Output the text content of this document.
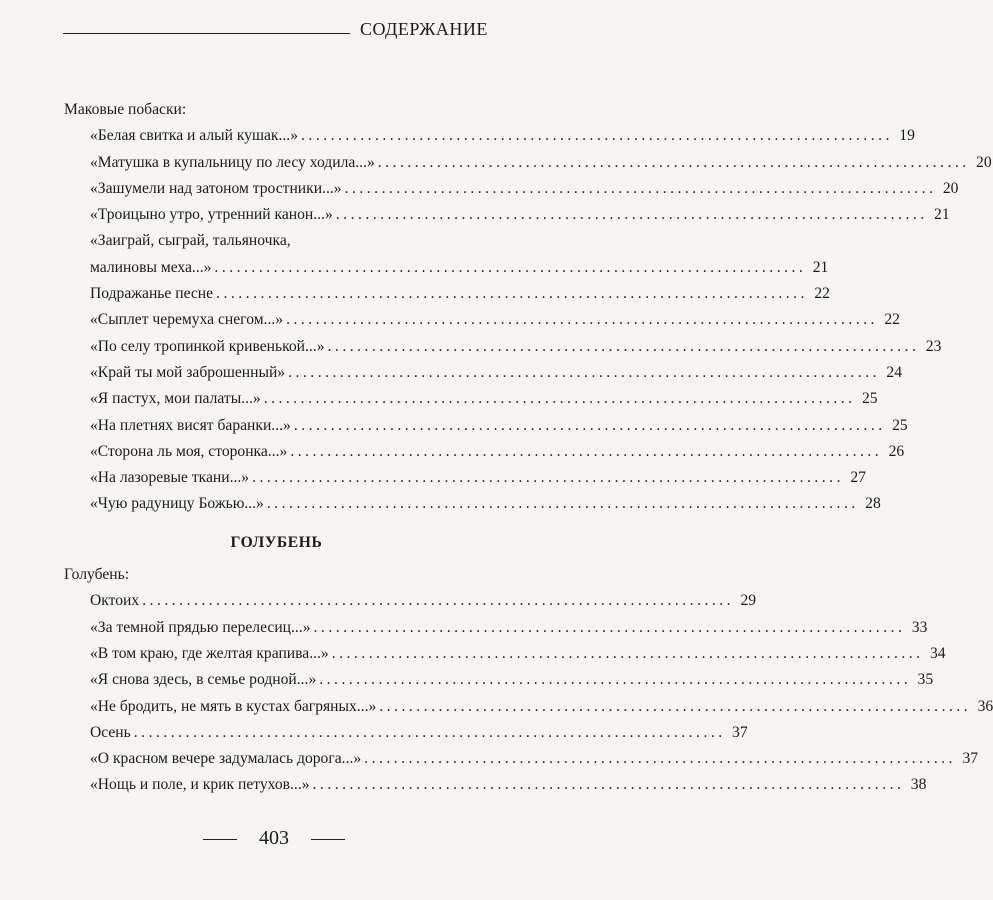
СОДЕРЖАНИЕ
Маковые побаски:
«Белая свитка и алый кушак...» ................................................................................ 19
«Матушка в купальницу по лесу ходила...» ................................................................................ 20
«Зашумели над затоном тростники...» ................................................................................ 20
«Троицыно утро, утренний канон...» ................................................................................ 21
«Заиграй, сыграй, тальяночка,
малиновы меха...» ................................................................................ 21
Подражанье песне ................................................................................ 22
«Сыплет черемуха снегом...» ................................................................................ 22
«По селу тропинкой кривенькой...» ................................................................................ 23
«Край ты мой заброшенный» ................................................................................ 24
«Я пастух, мои палаты...» ................................................................................ 25
«На плетнях висят баранки...» ................................................................................ 25
«Сторона ль моя, сторонка...» ................................................................................ 26
«На лазоревые ткани...» ................................................................................ 27
«Чую радуницу Божью...» ................................................................................ 28
ГОЛУБЕНЬ
Голубень:
Октоих ................................................................................ 29
«За темной прядью перелесиц...» ................................................................................ 33
«В том краю, где желтая крапива...» ................................................................................ 34
«Я снова здесь, в семье родной...» ................................................................................ 35
«Не бродить, не мять в кустах багряных...» ................................................................................ 36
Осень ................................................................................ 37
«О красном вечере задумалась дорога...» ................................................................................ 37
«Нощь и поле, и крик петухов...» ................................................................................ 38
403
